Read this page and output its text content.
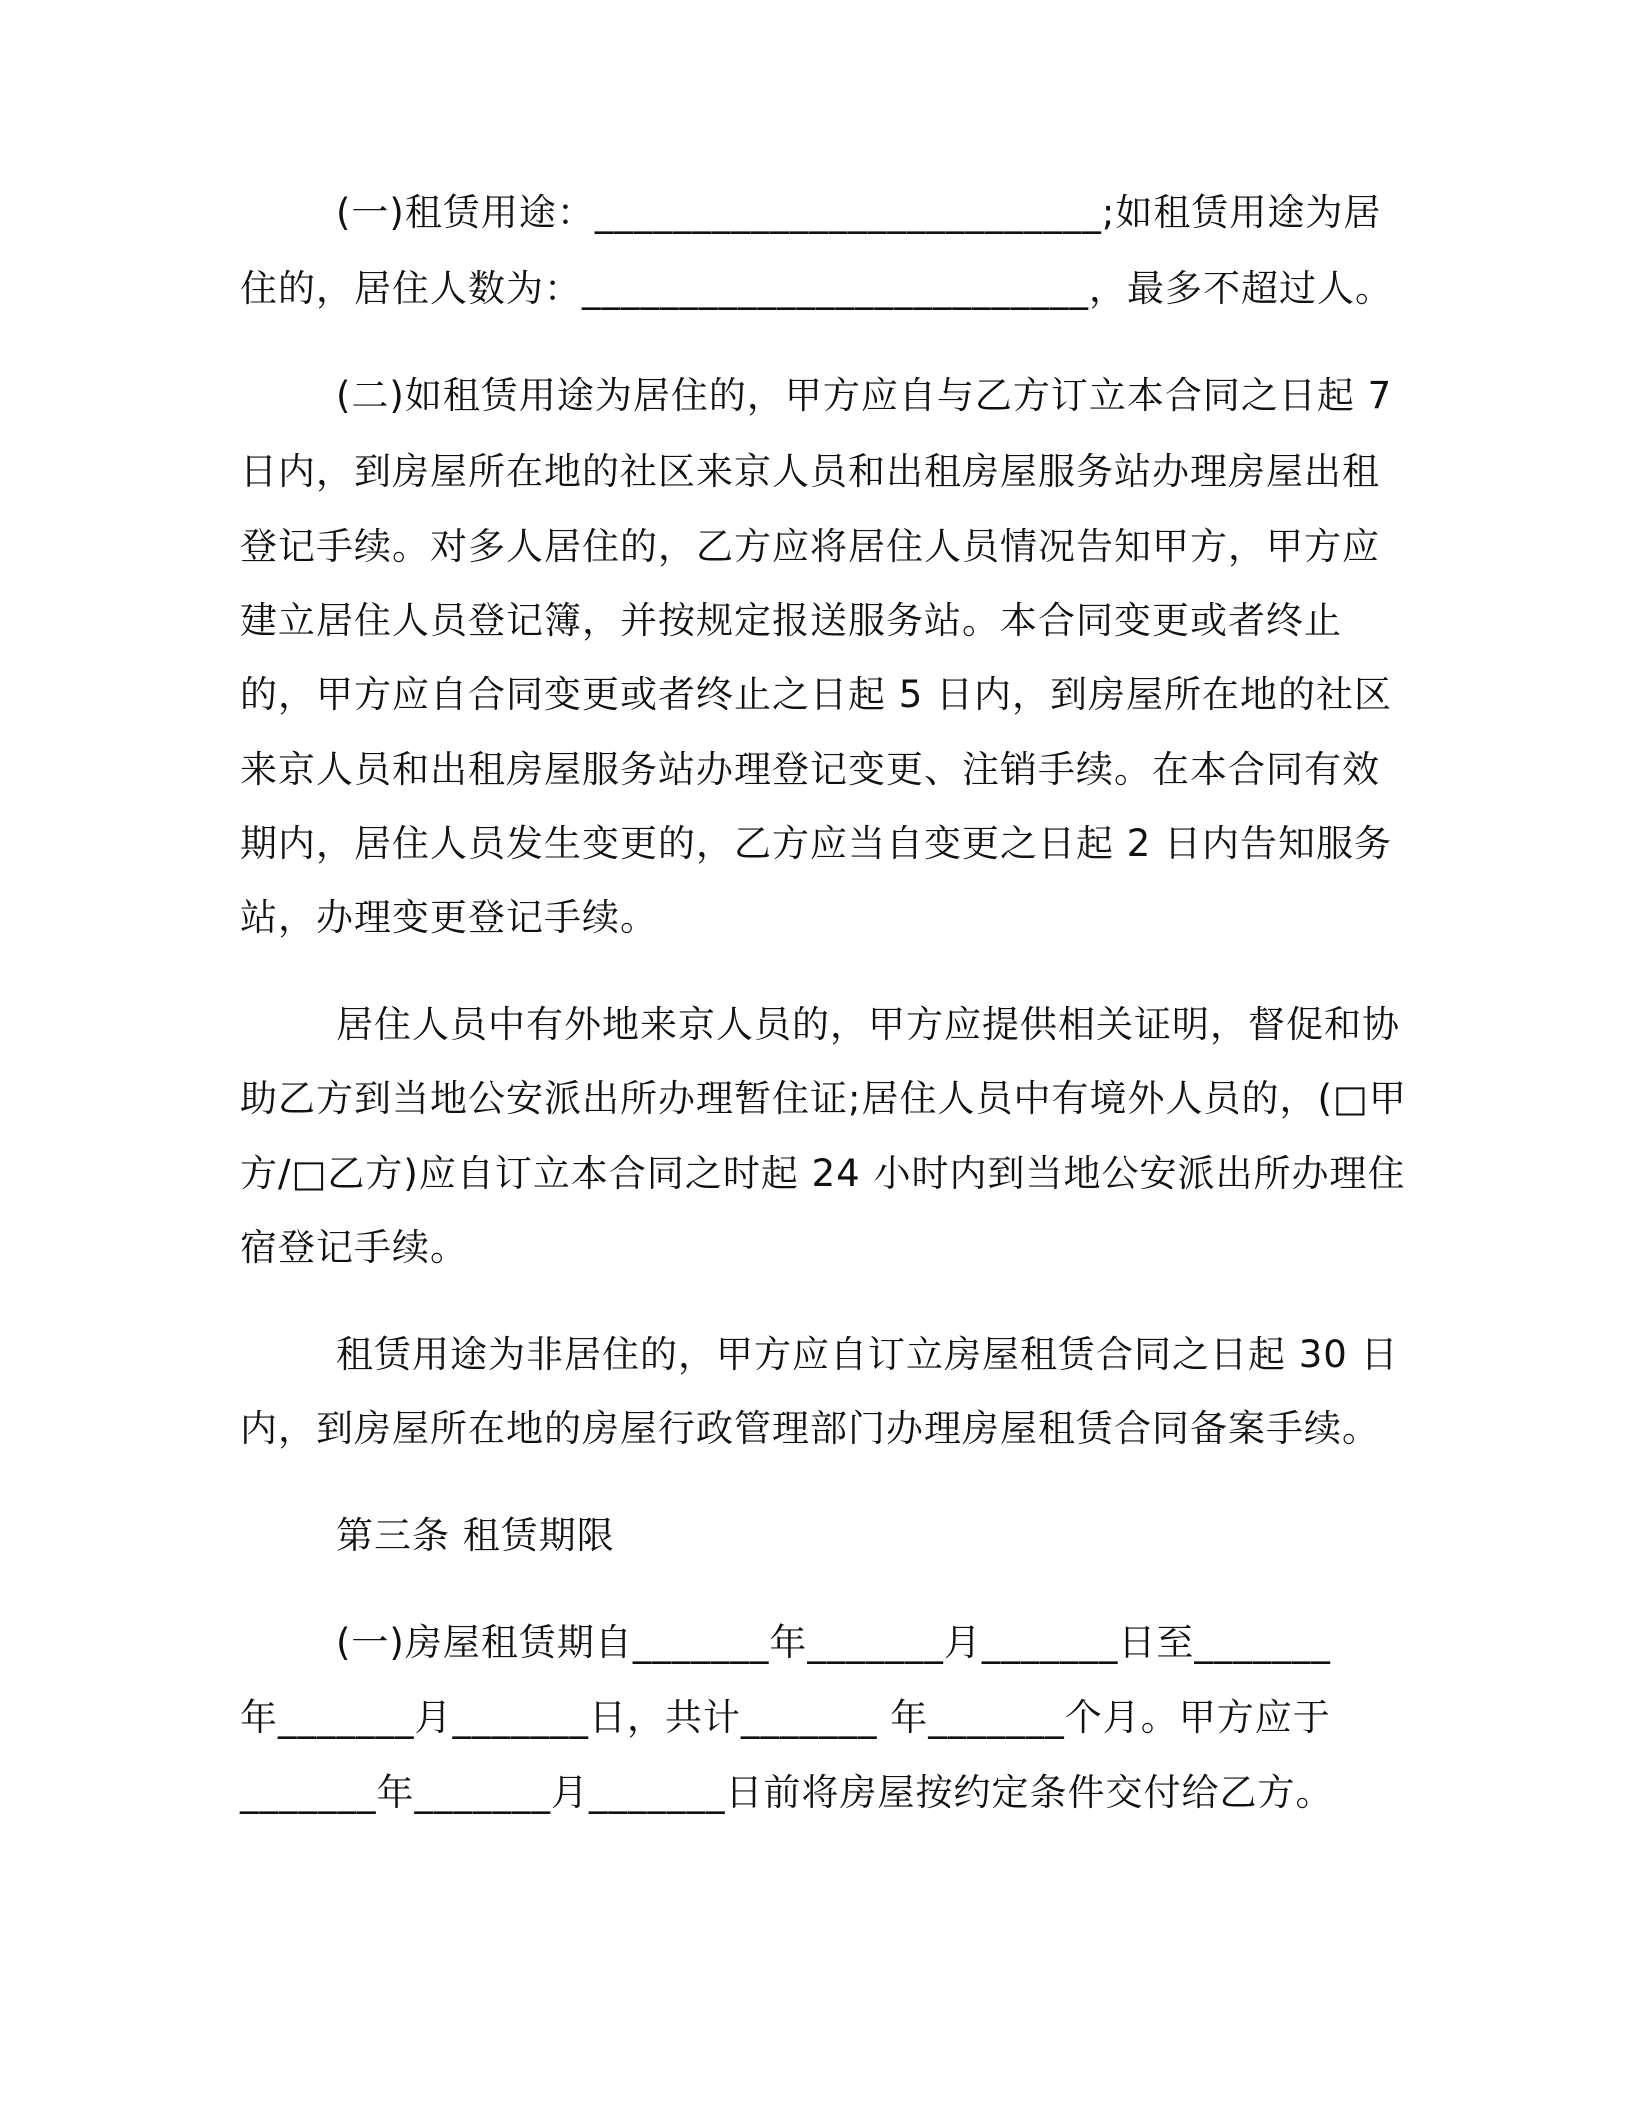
(一)租赁用途：__________________________;如租赁用途为居
住的，居住人数为：__________________________，最多不超过人。
(二)如租赁用途为居住的，甲方应自与乙方订立本合同之日起 7
日内，到房屋所在地的社区来京人员和出租房屋服务站办理房屋出租
登记手续。对多人居住的，乙方应将居住人员情况告知甲方，甲方应
建立居住人员登记簿，并按规定报送服务站。本合同变更或者终止
的，甲方应自合同变更或者终止之日起 5 日内，到房屋所在地的社区
来京人员和出租房屋服务站办理登记变更、注销手续。在本合同有效
期内，居住人员发生变更的，乙方应当自变更之日起 2 日内告知服务
站，办理变更登记手续。
居住人员中有外地来京人员的，甲方应提供相关证明，督促和协
助乙方到当地公安派出所办理暂住证;居住人员中有境外人员的，(□甲
方/□乙方)应自订立本合同之时起 24 小时内到当地公安派出所办理住
宿登记手续。
租赁用途为非居住的，甲方应自订立房屋租赁合同之日起 30 日
内，到房屋所在地的房屋行政管理部门办理房屋租赁合同备案手续。
第三条 租赁期限
(一)房屋租赁期自_______年_______月_______日至_______
年_______月_______日，共计_______ 年_______个月。甲方应于
_______年_______月_______日前将房屋按约定条件交付给乙方。
